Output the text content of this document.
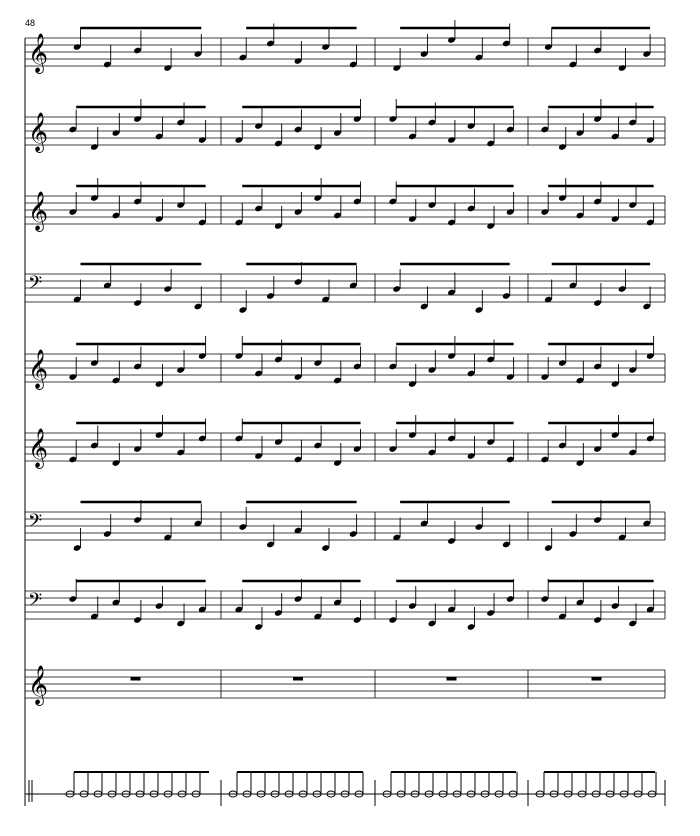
48
𝄞
𝄞
𝄞
𝄢
𝄞
𝄞
𝄢
𝄢
𝄞
